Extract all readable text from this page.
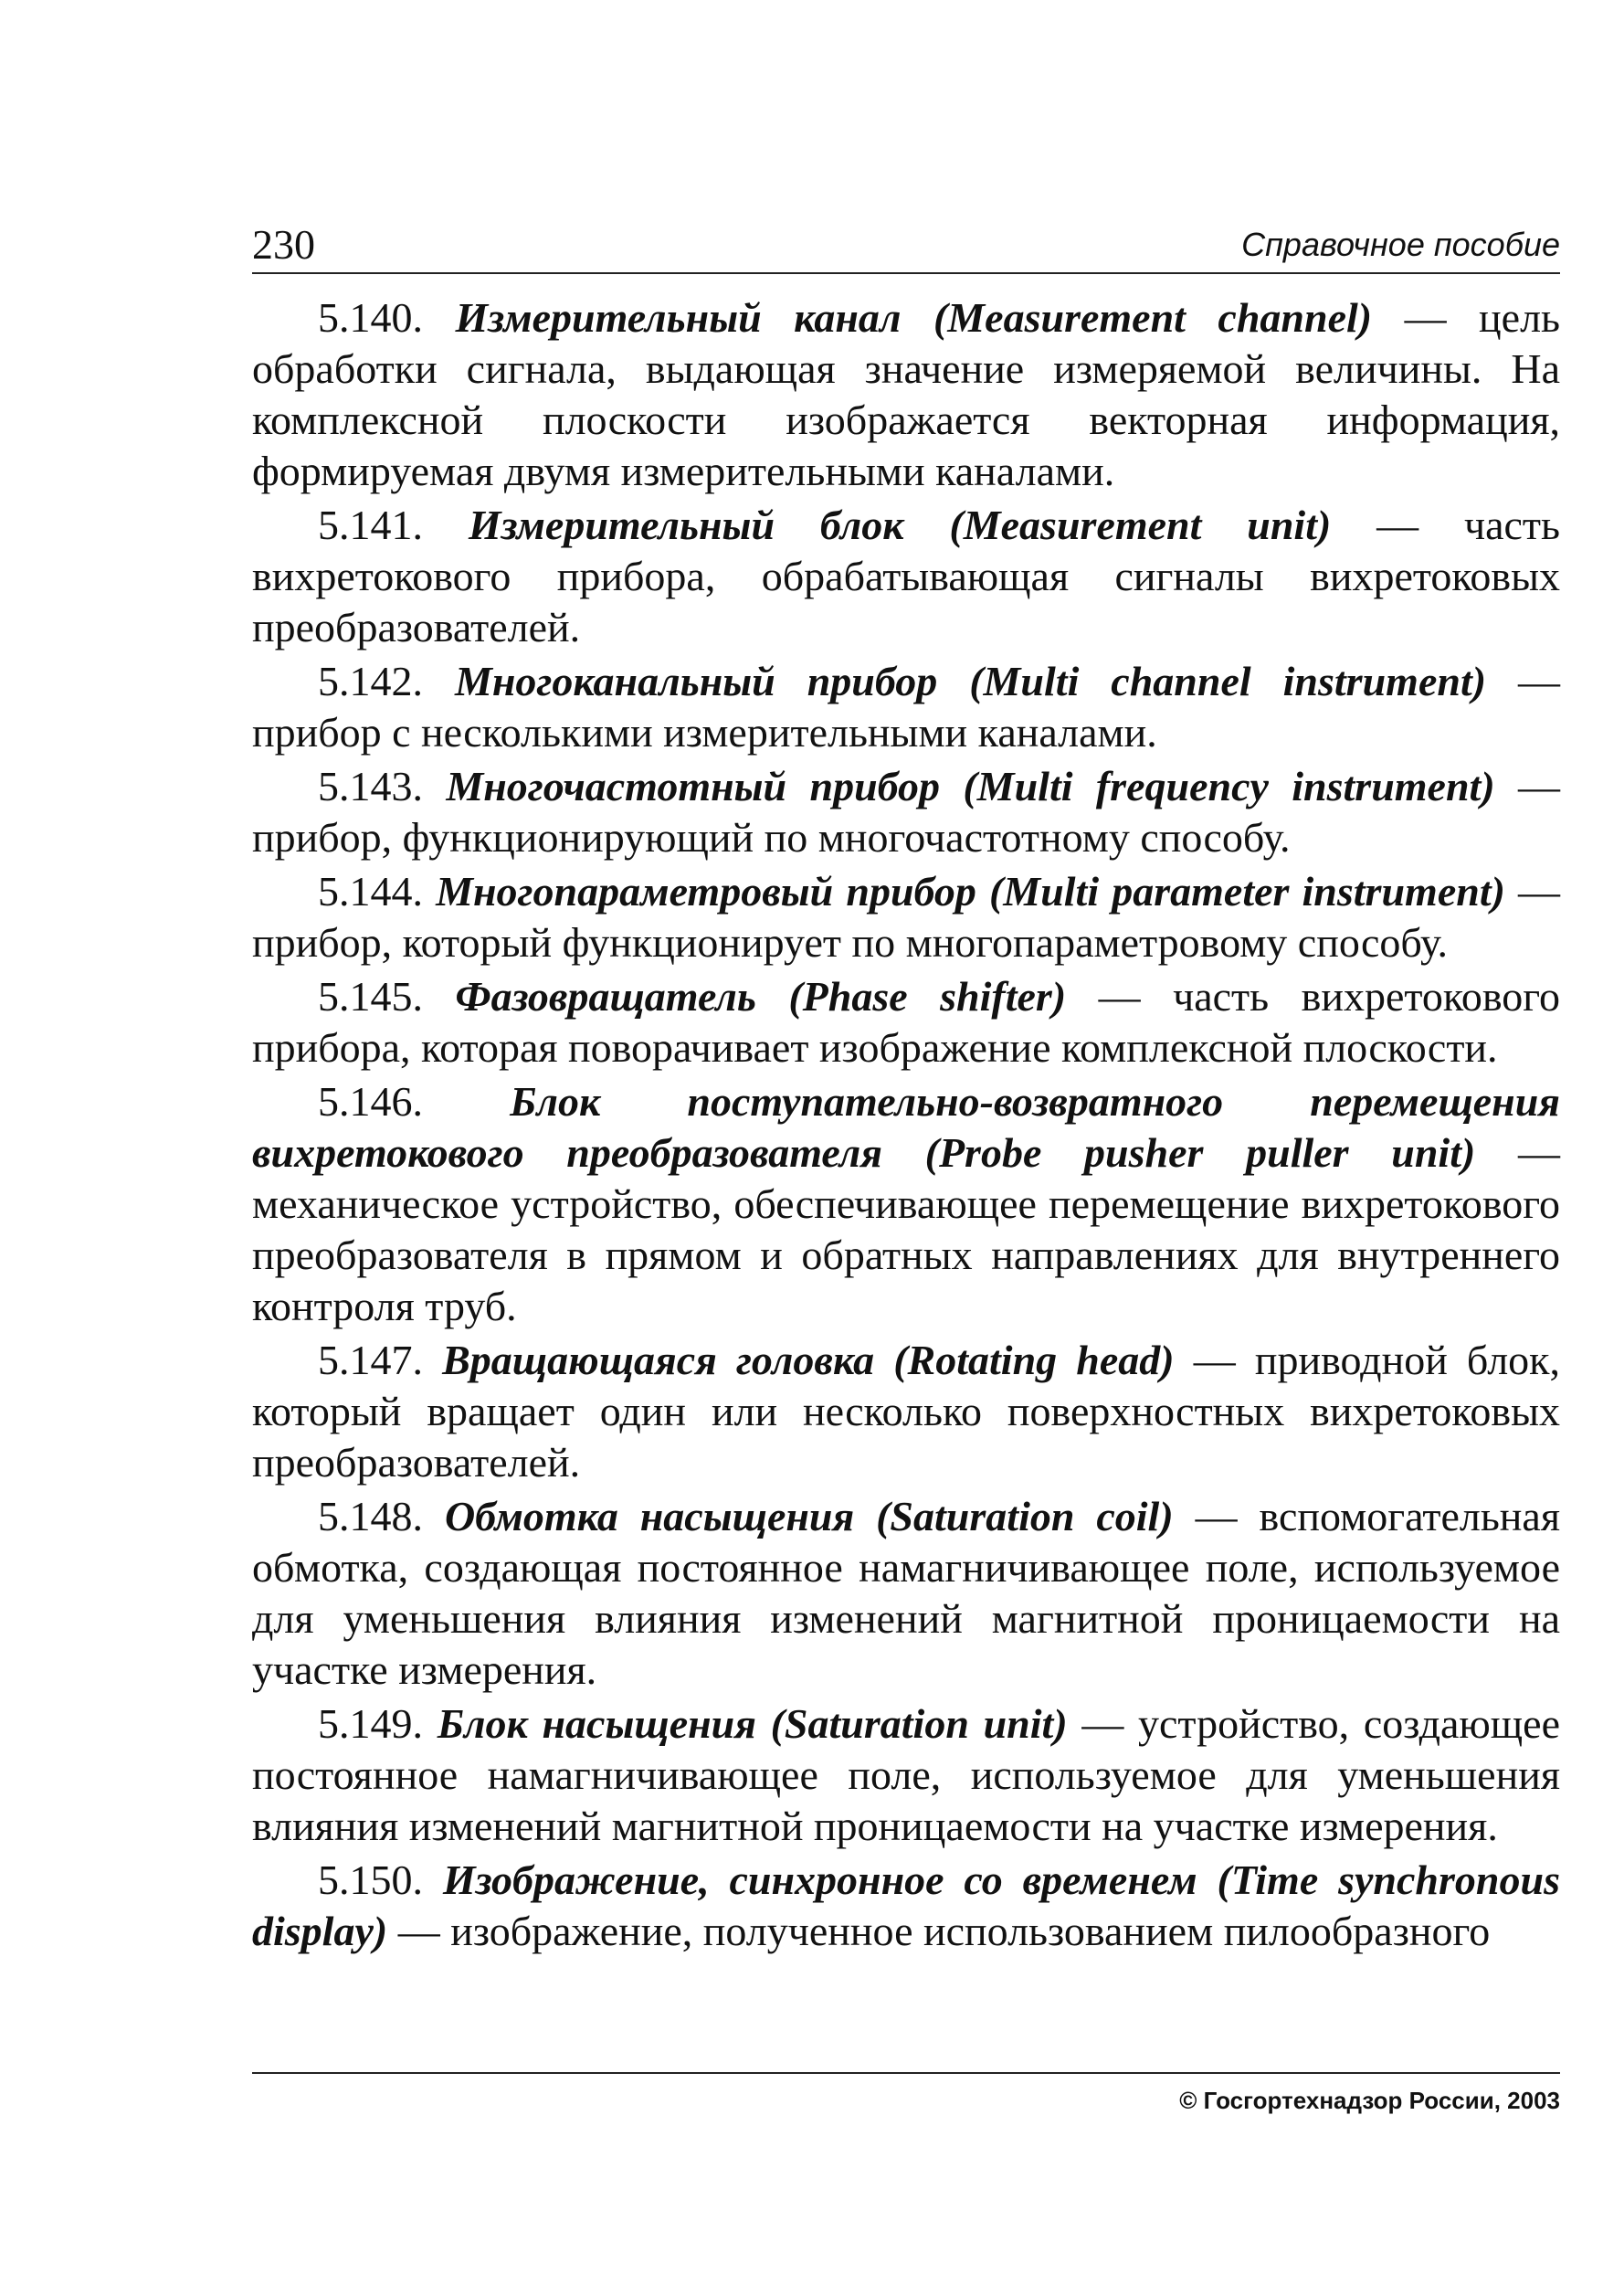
230	Справочное пособие

5.140. Измерительный канал (Measurement channel) — цель обработки сигнала, выдающая значение измеряемой величины. На комплексной плоскости изображается векторная информация, формируемая двумя измерительными каналами.

5.141. Измерительный блок (Measurement unit) — часть вихретокового прибора, обрабатывающая сигналы вихретоковых преобразователей.

5.142. Многоканальный прибор (Multi channel instrument) — прибор с несколькими измерительными каналами.

5.143. Многочастотный прибор (Multi frequency instrument) — прибор, функционирующий по многочастотному способу.

5.144. Многопараметровый прибор (Multi parameter instrument) — прибор, который функционирует по многопараметровому способу.

5.145. Фазовращатель (Phase shifter) — часть вихретокового прибора, которая поворачивает изображение комплексной плоскости.

5.146. Блок поступательно-возвратного перемещения вихретокового преобразователя (Probe pusher puller unit) — механическое устройство, обеспечивающее перемещение вихретокового преобразователя в прямом и обратных направлениях для внутреннего контроля труб.

5.147. Вращающаяся головка (Rotating head) — приводной блок, который вращает один или несколько поверхностных вихретоковых преобразователей.

5.148. Обмотка насыщения (Saturation coil) — вспомогательная обмотка, создающая постоянное намагничивающее поле, используемое для уменьшения влияния изменений магнитной проницаемости на участке измерения.

5.149. Блок насыщения (Saturation unit) — устройство, создающее постоянное намагничивающее поле, используемое для уменьшения влияния изменений магнитной проницаемости на участке измерения.

5.150. Изображение, синхронное со временем (Time synchronous display) — изображение, полученное использованием пилообразного

© Госгортехнадзор России, 2003
